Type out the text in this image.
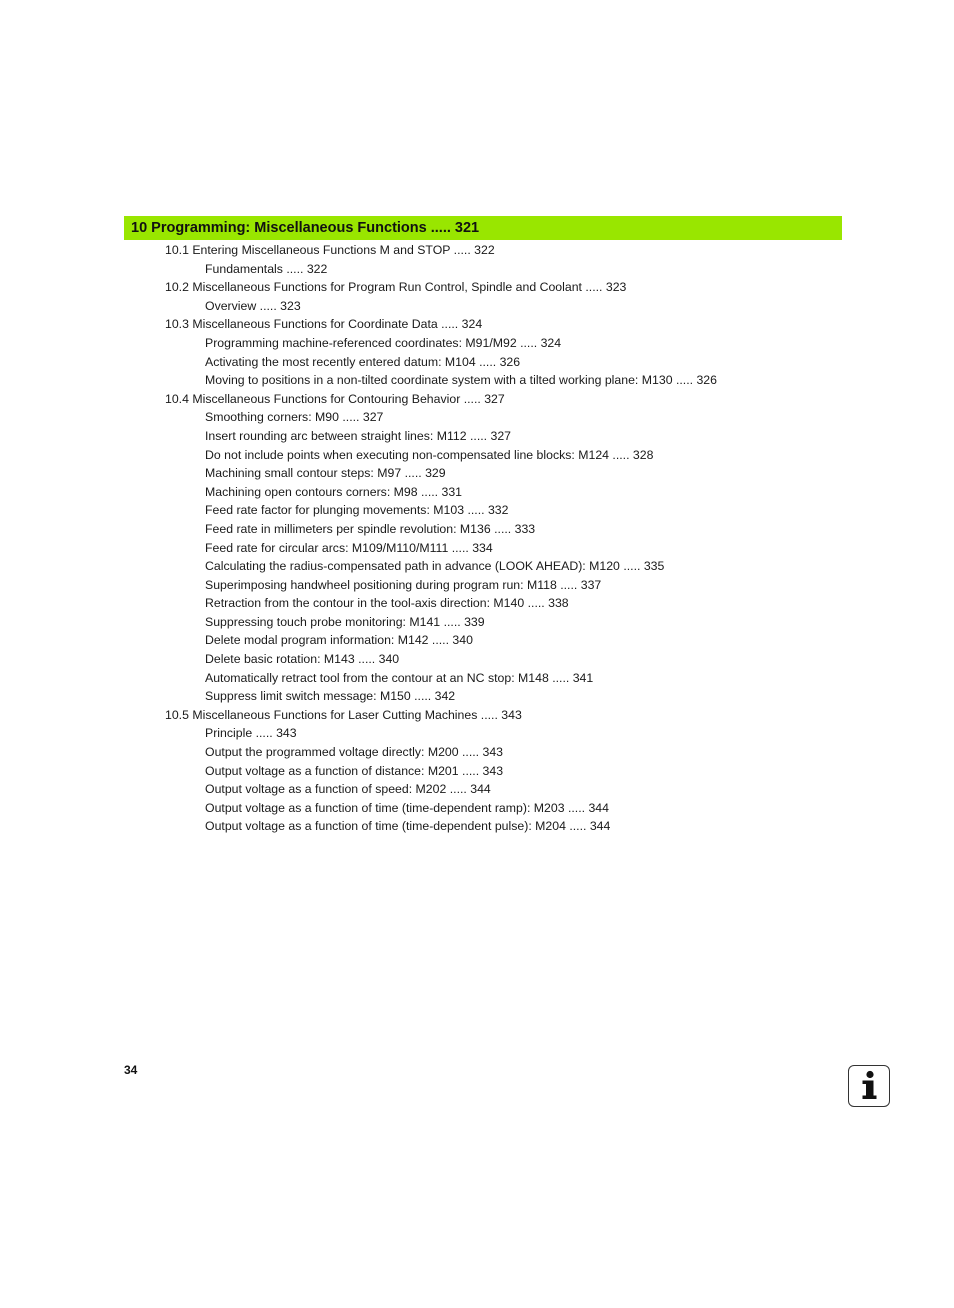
10 Programming: Miscellaneous Functions ..... 321
10.1 Entering Miscellaneous Functions M and STOP ..... 322
Fundamentals ..... 322
10.2 Miscellaneous Functions for Program Run Control, Spindle and Coolant ..... 323
Overview ..... 323
10.3 Miscellaneous Functions for Coordinate Data ..... 324
Programming machine-referenced coordinates: M91/M92 ..... 324
Activating the most recently entered datum: M104 ..... 326
Moving to positions in a non-tilted coordinate system with a tilted working plane: M130 ..... 326
10.4 Miscellaneous Functions for Contouring Behavior ..... 327
Smoothing corners: M90 ..... 327
Insert rounding arc between straight lines: M112 ..... 327
Do not include points when executing non-compensated line blocks: M124 ..... 328
Machining small contour steps: M97 ..... 329
Machining open contours corners: M98 ..... 331
Feed rate factor for plunging movements: M103 ..... 332
Feed rate in millimeters per spindle revolution: M136 ..... 333
Feed rate for circular arcs: M109/M110/M111 ..... 334
Calculating the radius-compensated path in advance (LOOK AHEAD): M120 ..... 335
Superimposing handwheel positioning during program run: M118 ..... 337
Retraction from the contour in the tool-axis direction: M140 ..... 338
Suppressing touch probe monitoring: M141 ..... 339
Delete modal program information: M142 ..... 340
Delete basic rotation: M143 ..... 340
Automatically retract tool from the contour at an NC stop: M148 ..... 341
Suppress limit switch message: M150 ..... 342
10.5 Miscellaneous Functions for Laser Cutting Machines ..... 343
Principle ..... 343
Output the programmed voltage directly: M200 ..... 343
Output voltage as a function of distance: M201 ..... 343
Output voltage as a function of speed: M202 ..... 344
Output voltage as a function of time (time-dependent ramp): M203 ..... 344
Output voltage as a function of time (time-dependent pulse): M204 ..... 344
34
